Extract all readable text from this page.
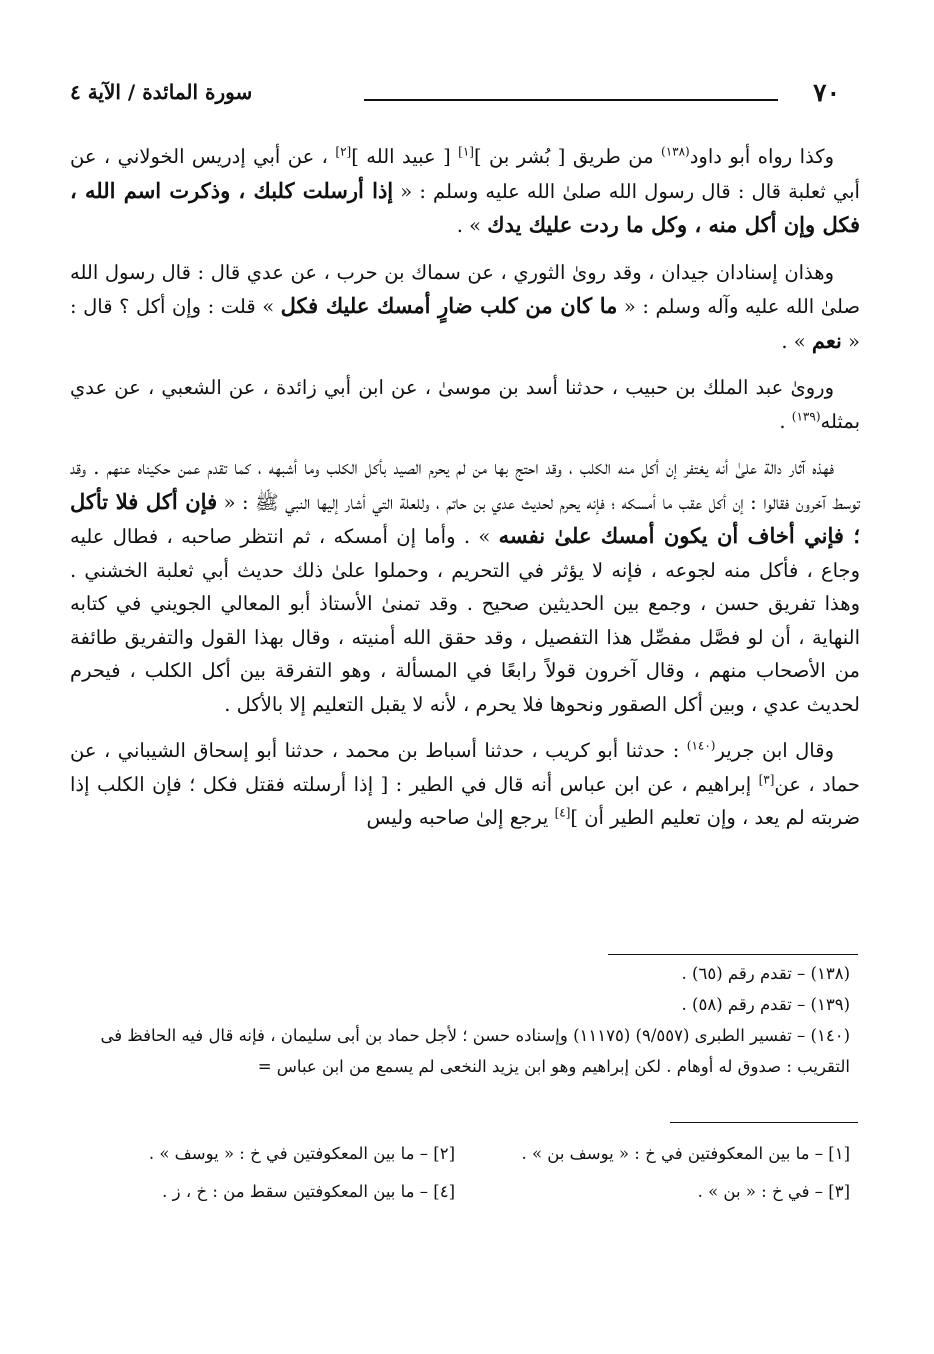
٧٠
سورة المائدة / الآية ٤

وكذا رواه أبو داود$^{(١٣٨)}$ من طريق [ بُشر بن ][١] [ عبيد الله ][٢] ، عن أبي إدريس الخولاني ، عن أبي ثعلبة قال : قال رسول الله صلىٰ الله عليه وسلم : « إذا أرسلت كلبك ، وذكرت اسم الله ، فكل وإن أكل منه ، وكل ما ردت عليك يدك » .

وهذان إسنادان جيدان ، وقد روىٰ الثوري ، عن سماك بن حرب ، عن عدي قال : قال رسول الله صلىٰ الله عليه وآله وسلم : « ما كان من كلب ضارٍ أمسك عليك فكل » قلت : وإن أكل ؟ قال : « نعم » .

وروىٰ عبد الملك بن حبيب ، حدثنا أسد بن موسىٰ ، عن ابن أبي زائدة ، عن الشعبي ، عن عدي بمثله$^{(١٣٩)}$ .

فهذه آثار دالة علىٰ أنه يغتفر إن أكل منه الكلب ، وقد احتج بها من لم يحرم الصيد بأكل الكلب وما أشبهه ، كما تقدم عمن حكيناه عنهم . وقد توسط آخرون فقالوا : إن أكل عقب ما أمسكه ؛ فإنه يحرم لحديث عدي بن حاتم ، وللعلة التي أشار إليها النبي ﷺ : « فإن أكل فلا تأكل ؛ فإني أخاف أن يكون أمسك علىٰ نفسه » . وأما إن أمسكه ، ثم انتظر صاحبه ، فطال عليه وجاع ، فأكل منه لجوعه ، فإنه لا يؤثر في التحريم ، وحملوا علىٰ ذلك حديث أبي ثعلبة الخشني . وهذا تفريق حسن ، وجمع بين الحديثين صحيح . وقد تمنىٰ الأستاذ أبو المعالي الجويني في كتابه النهاية ، أن لو فصَّل مفصِّل هذا التفصيل ، وقد حقق الله أمنيته ، وقال بهذا القول والتفريق طائفة من الأصحاب منهم ، وقال آخرون قولاً رابعًا في المسألة ، وهو التفرقة بين أكل الكلب ، فيحرم لحديث عدي ، وبين أكل الصقور ونحوها فلا يحرم ، لأنه لا يقبل التعليم إلا بالأكل .

وقال ابن جرير$^{(١٤٠)}$ : حدثنا أبو كريب ، حدثنا أسباط بن محمد ، حدثنا أبو إسحاق الشيباني ، عن حماد ، عن[٣] إبراهيم ، عن ابن عباس أنه قال في الطير : [ إذا أرسلته فقتل فكل ؛ فإن الكلب إذا ضربته لم يعد ، وإن تعليم الطير أن ][٤] يرجع إلىٰ صاحبه وليس

(١٣٨) – تقدم رقم (٦٥) .

(١٣٩) – تقدم رقم (٥٨) .

(١٤٠) – تفسير الطبرى (٩/٥٥٧) (١١١٧٥) وإسناده حسن ؛ لأجل حماد بن أبى سليمان ، فإنه قال فيه الحافظ فى التقريب : صدوق له أوهام . لكن إبراهيم وهو ابن يزيد النخعى لم يسمع من ابن عباس =

[١] – ما بين المعكوفتين في خ : « يوسف بن » .
[٢] – ما بين المعكوفتين في خ : « يوسف » .
[٣] – في خ : « بن » .
[٤] – ما بين المعكوفتين سقط من : خ ، ز .
